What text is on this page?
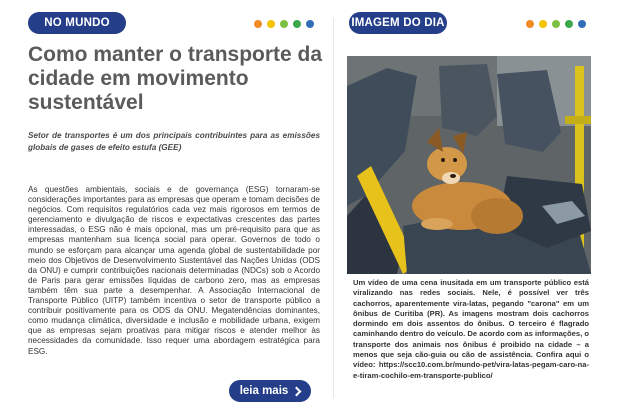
NO MUNDO
Como manter o transporte da cidade em movimento sustentável

Setor de transportes é um dos principais contribuintes para as emissões globais de gases de efeito estufa (GEE)

As questões ambientais, sociais e de governança (ESG) tornaram-se considerações importantes para as empresas que operam e tomam decisões de negócios. Com requisitos regulatórios cada vez mais rigorosos em termos de gerenciamento e divulgação de riscos e expectativas crescentes das partes interessadas, o ESG não é mais opcional, mas um pré-requisito para que as empresas mantenham sua licença social para operar. Governos de todo o mundo se esforçam para alcançar uma agenda global de sustentabilidade por meio dos Objetivos de Desenvolvimento Sustentável das Nações Unidas (ODS da ONU) e cumprir contribuições nacionais determinadas (NDCs) sob o Acordo de Paris para gerar emissões líquidas de carbono zero, mas as empresas também têm sua parte a desempenhar. A Associação Internacional de Transporte Público (UITP) também incentiva o setor de transporte público a contribuir positivamente para os ODS da ONU. Megatendências dominantes, como mudança climática, diversidade e inclusão e mobilidade urbana, exigem que as empresas sejam proativas para mitigar riscos e atender melhor às necessidades da comunidade. Isso requer uma abordagem estratégica para ESG.

leia mais
IMAGEM DO DIA

Um vídeo de uma cena inusitada em um transporte público está viralizando nas redes sociais. Nele, é possível ver três cachorros, aparentemente vira-latas, pegando "carona" em um ônibus de Curitiba (PR). As imagens mostram dois cachorros dormindo em dois assentos do ônibus. O terceiro é flagrado caminhando dentro do veículo. De acordo com as informações, o transporte dos animais nos ônibus é proibido na cidade – a menos que seja cão-guia ou cão de assistência. Confira aqui o vídeo: https://scc10.com.br/mundo-pet/vira-latas-pegam-caro-na-e-tiram-cochilo-em-transporte-publico/
